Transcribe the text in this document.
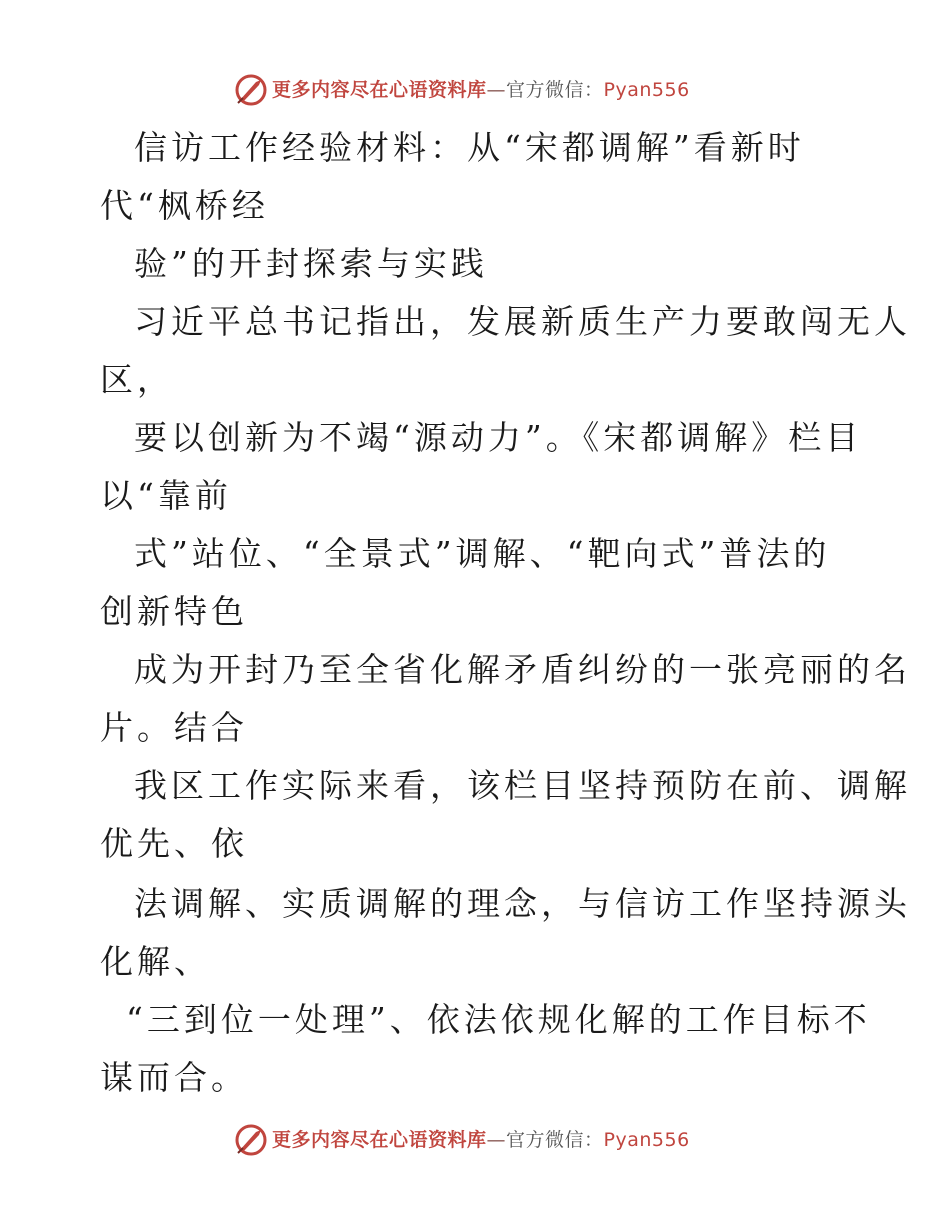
更多内容尽在心语资料库—官方微信：Pyan556
信访工作经验材料：从“宋都调解”看新时
代“枫桥经
验”的开封探索与实践
习近平总书记指出，发展新质生产力要敢闯无人
区，
要以创新为不竭“源动力”。《宋都调解》栏目
以“靠前
式”站位、“全景式”调解、“靶向式”普法的
创新特色
成为开封乃至全省化解矛盾纠纷的一张亮丽的名
片。结合
我区工作实际来看，该栏目坚持预防在前、调解
优先、依
法调解、实质调解的理念，与信访工作坚持源头
化解、
“三到位一处理”、依法依规化解的工作目标不
谋而合。
更多内容尽在心语资料库—官方微信：Pyan556
